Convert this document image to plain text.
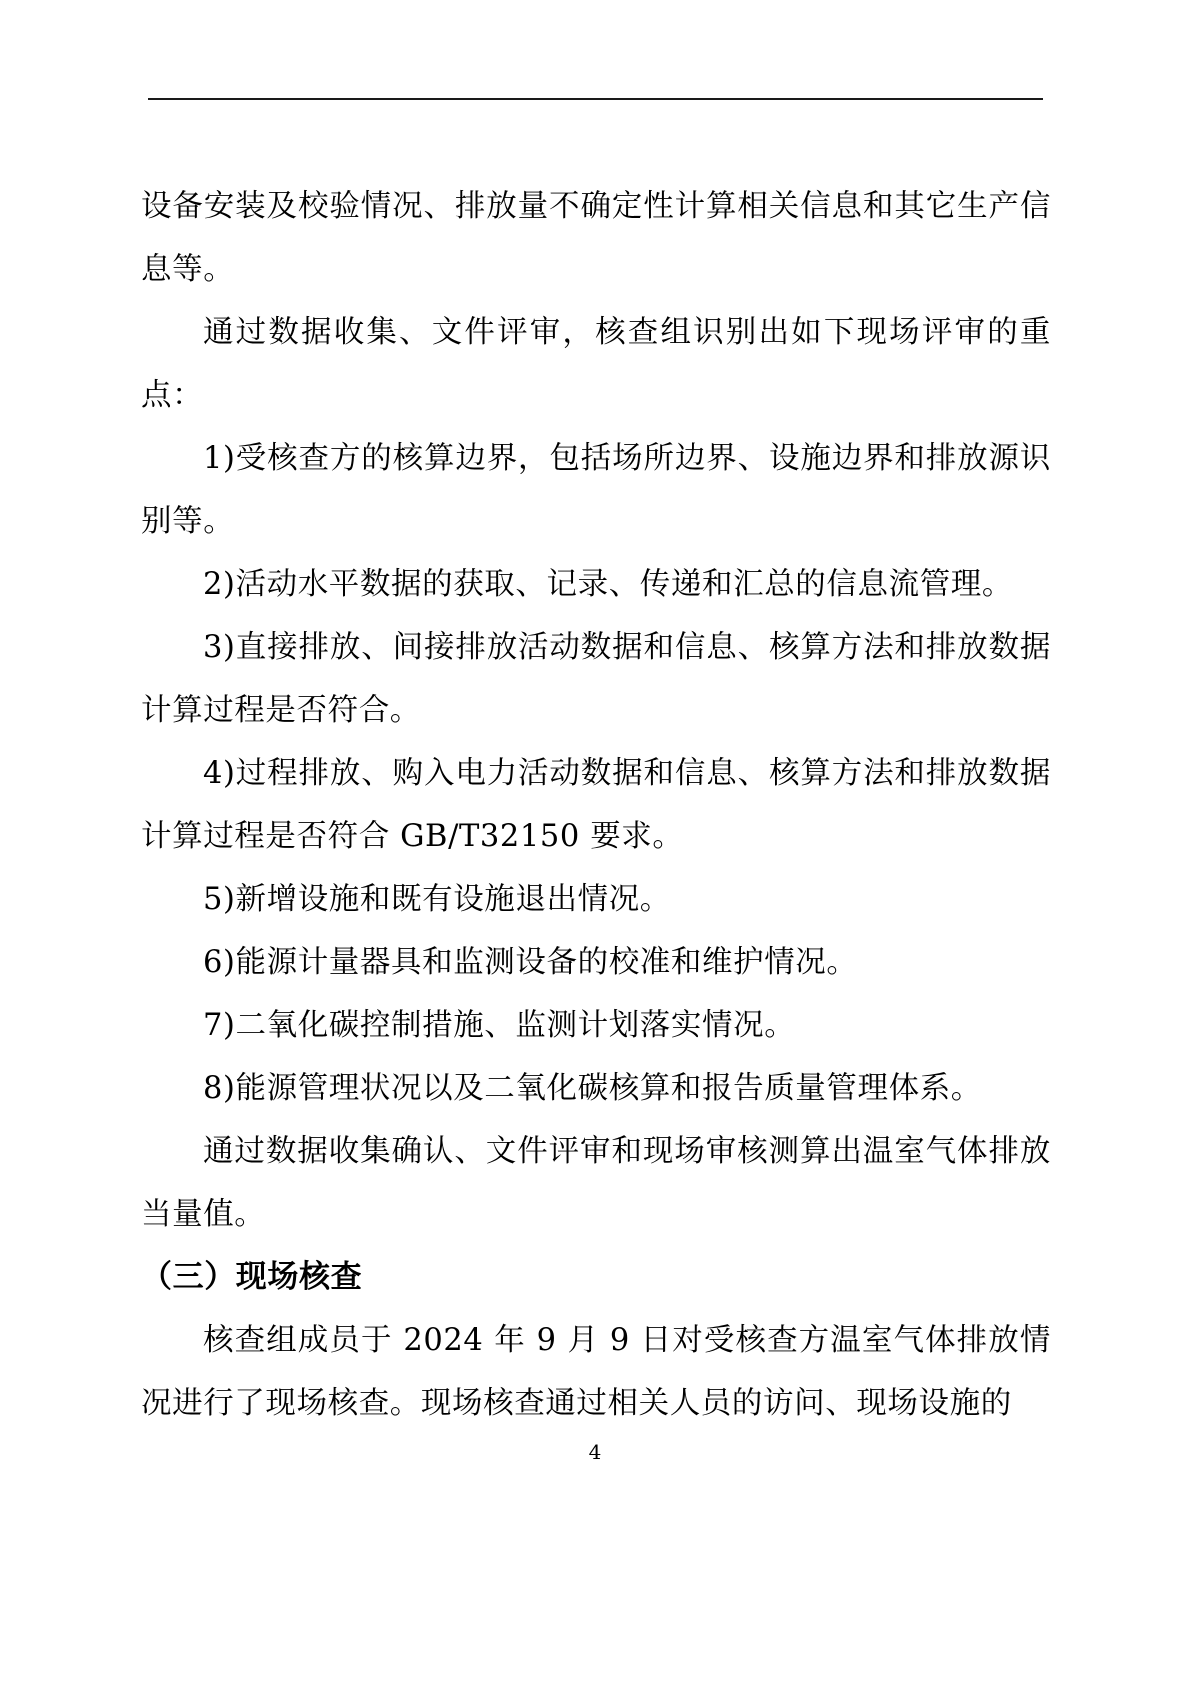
设备安装及校验情况、排放量不确定性计算相关信息和其它生产信息等。

通过数据收集、文件评审，核查组识别出如下现场评审的重点：

1)受核查方的核算边界，包括场所边界、设施边界和排放源识别等。

2)活动水平数据的获取、记录、传递和汇总的信息流管理。

3)直接排放、间接排放活动数据和信息、核算方法和排放数据计算过程是否符合。

4)过程排放、购入电力活动数据和信息、核算方法和排放数据计算过程是否符合 GB/T32150 要求。

5)新增设施和既有设施退出情况。

6)能源计量器具和监测设备的校准和维护情况。

7)二氧化碳控制措施、监测计划落实情况。

8)能源管理状况以及二氧化碳核算和报告质量管理体系。

通过数据收集确认、文件评审和现场审核测算出温室气体排放当量值。

（三）现场核查

核查组成员于 2024 年 9 月 9 日对受核查方温室气体排放情况进行了现场核查。现场核查通过相关人员的访问、现场设施的

4
